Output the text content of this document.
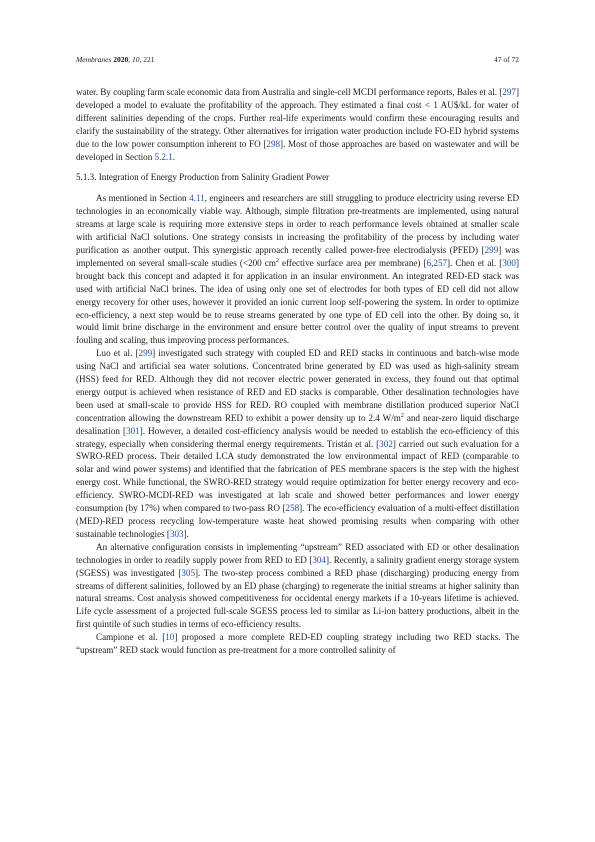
Membranes 2020, 10, 221	47 of 72

water. By coupling farm scale economic data from Australia and single-cell MCDI performance reports, Bales et al. [297] developed a model to evaluate the profitability of the approach. They estimated a final cost < 1 AU$/kL for water of different salinities depending of the crops. Further real-life experiments would confirm these encouraging results and clarify the sustainability of the strategy. Other alternatives for irrigation water production include FO-ED hybrid systems due to the low power consumption inherent to FO [298]. Most of those approaches are based on wastewater and will be developed in Section 5.2.1.

5.1.3. Integration of Energy Production from Salinity Gradient Power

As mentioned in Section 4.11, engineers and researchers are still struggling to produce electricity using reverse ED technologies in an economically viable way. Although, simple filtration pre-treatments are implemented, using natural streams at large scale is requiring more extensive steps in order to reach performance levels obtained at smaller scale with artificial NaCl solutions. One strategy consists in increasing the profitability of the process by including water purification as another output. This synergistic approach recently called power-free electrodialysis (PFED) [299] was implemented on several small-scale studies (<200 $cm^2$ effective surface area per membrane) [6,257]. Chen et al. [300] brought back this concept and adapted it for application in an insular environment. An integrated RED-ED stack was used with artificial NaCl brines. The idea of using only one set of electrodes for both types of ED cell did not allow energy recovery for other uses, however it provided an ionic current loop self-powering the system. In order to optimize eco-efficiency, a next step would be to reuse streams generated by one type of ED cell into the other. By doing so, it would limit brine discharge in the environment and ensure better control over the quality of input streams to prevent fouling and scaling, thus improving process performances.

Luo et al. [299] investigated such strategy with coupled ED and RED stacks in continuous and batch-wise mode using NaCl and artificial sea water solutions. Concentrated brine generated by ED was used as high-salinity stream (HSS) feed for RED. Although they did not recover electric power generated in excess, they found out that optimal energy output is achieved when resistance of RED and ED stacks is comparable. Other desalination technologies have been used at small-scale to provide HSS for RED. RO coupled with membrane distillation produced superior NaCl concentration allowing the downstream RED to exhibit a power density up to 2.4 $W/m^2$ and near-zero liquid discharge desalination [301]. However, a detailed cost-efficiency analysis would be needed to establish the eco-efficiency of this strategy, especially when considering thermal energy requirements. Tristán et al. [302] carried out such evaluation for a SWRO-RED process. Their detailed LCA study demonstrated the low environmental impact of RED (comparable to solar and wind power systems) and identified that the fabrication of PES membrane spacers is the step with the highest energy cost. While functional, the SWRO-RED strategy would require optimization for better energy recovery and eco-efficiency. SWRO-MCDI-RED was investigated at lab scale and showed better performances and lower energy consumption (by 17%) when compared to two-pass RO [258]. The eco-efficiency evaluation of a multi-effect distillation (MED)-RED process recycling low-temperature waste heat showed promising results when comparing with other sustainable technologies [303].

An alternative configuration consists in implementing “upstream” RED associated with ED or other desalination technologies in order to readily supply power from RED to ED [304]. Recently, a salinity gradient energy storage system (SGESS) was investigated [305]. The two-step process combined a RED phase (discharging) producing energy from streams of different salinities, followed by an ED phase (charging) to regenerate the initial streams at higher salinity than natural streams. Cost analysis showed competitiveness for occidental energy markets if a 10-years lifetime is achieved. Life cycle assessment of a projected full-scale SGESS process led to similar as Li-ion battery productions, albeit in the first quintile of such studies in terms of eco-efficiency results.

Campione et al. [10] proposed a more complete RED-ED coupling strategy including two RED stacks. The “upstream” RED stack would function as pre-treatment for a more controlled salinity of
